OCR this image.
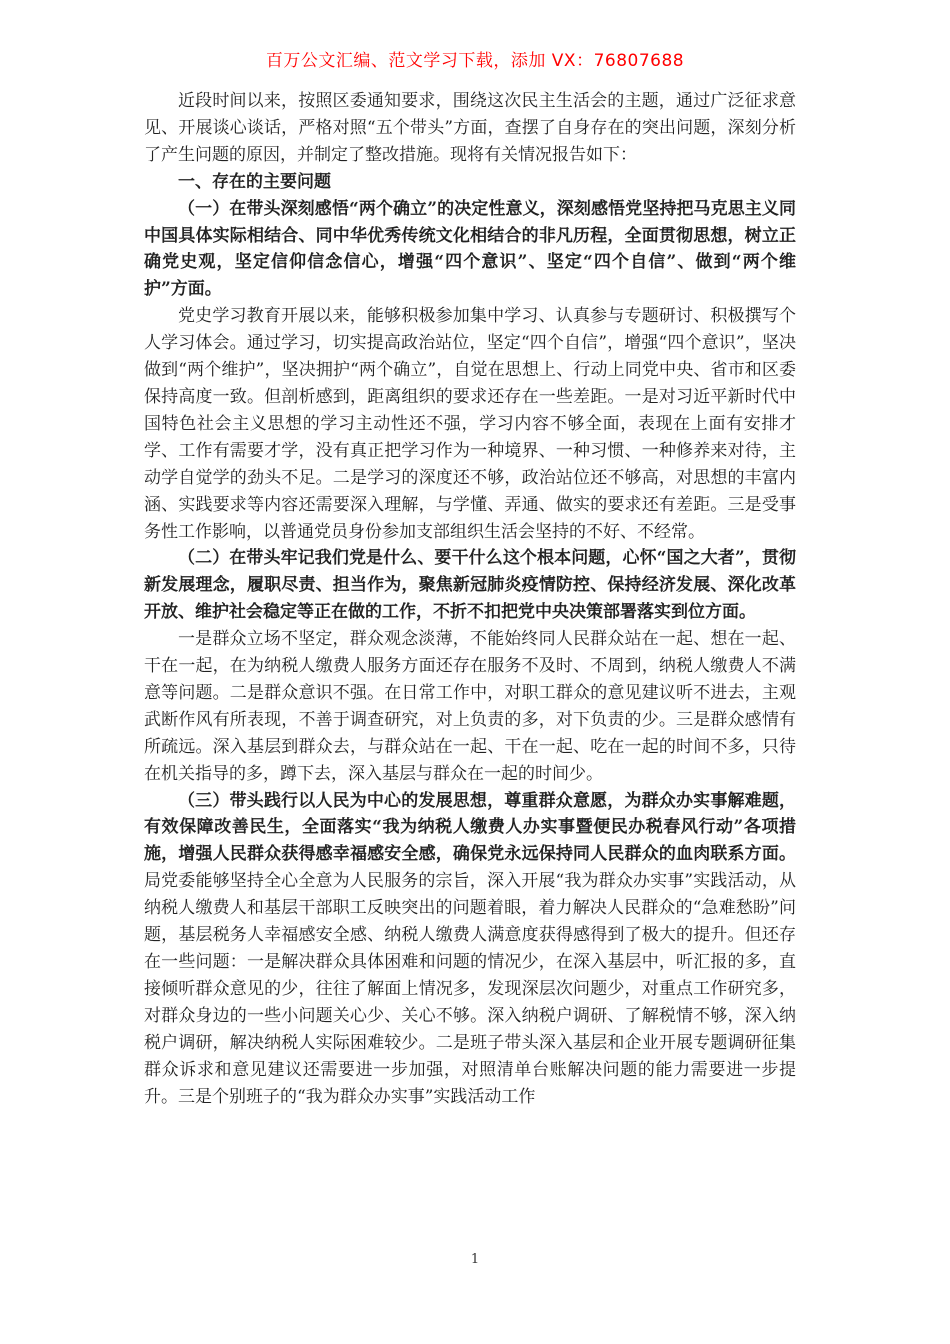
百万公文汇编、范文学习下载，添加 VX：76807688

近段时间以来，按照区委通知要求，围绕这次民主生活会的主题，通过广泛征求意见、开展谈心谈话，严格对照“五个带头”方面，查摆了自身存在的突出问题，深刻分析了产生问题的原因，并制定了整改措施。现将有关情况报告如下：

一、存在的主要问题

（一）在带头深刻感悟“两个确立”的决定性意义，深刻感悟党坚持把马克思主义同中国具体实际相结合、同中华优秀传统文化相结合的非凡历程，全面贯彻思想，树立正确党史观，坚定信仰信念信心，增强“四个意识”、坚定“四个自信”、做到“两个维护”方面。

党史学习教育开展以来，能够积极参加集中学习、认真参与专题研讨、积极撰写个人学习体会。通过学习，切实提高政治站位，坚定“四个自信”，增强“四个意识”，坚决做到“两个维护”，坚决拥护“两个确立”，自觉在思想上、行动上同党中央、省市和区委保持高度一致。但剖析感到，距离组织的要求还存在一些差距。一是对习近平新时代中国特色社会主义思想的学习主动性还不强，学习内容不够全面，表现在上面有安排才学、工作有需要才学，没有真正把学习作为一种境界、一种习惯、一种修养来对待，主动学自觉学的劲头不足。二是学习的深度还不够，政治站位还不够高，对思想的丰富内涵、实践要求等内容还需要深入理解，与学懂、弄通、做实的要求还有差距。三是受事务性工作影响，以普通党员身份参加支部组织生活会坚持的不好、不经常。

（二）在带头牢记我们党是什么、要干什么这个根本问题，心怀“国之大者”，贯彻新发展理念，履职尽责、担当作为，聚焦新冠肺炎疫情防控、保持经济发展、深化改革开放、维护社会稳定等正在做的工作，不折不扣把党中央决策部署落实到位方面。

一是群众立场不坚定，群众观念淡薄，不能始终同人民群众站在一起、想在一起、干在一起，在为纳税人缴费人服务方面还存在服务不及时、不周到，纳税人缴费人不满意等问题。二是群众意识不强。在日常工作中，对职工群众的意见建议听不进去，主观武断作风有所表现，不善于调查研究，对上负责的多，对下负责的少。三是群众感情有所疏远。深入基层到群众去，与群众站在一起、干在一起、吃在一起的时间不多，只待在机关指导的多，蹲下去，深入基层与群众在一起的时间少。

（三）带头践行以人民为中心的发展思想，尊重群众意愿，为群众办实事解难题，有效保障改善民生，全面落实“我为纳税人缴费人办实事暨便民办税春风行动”各项措施，增强人民群众获得感幸福感安全感，确保党永远保持同人民群众的血肉联系方面。局党委能够坚持全心全意为人民服务的宗旨，深入开展“我为群众办实事”实践活动，从纳税人缴费人和基层干部职工反映突出的问题着眼，着力解决人民群众的“急难愁盼”问题，基层税务人幸福感安全感、纳税人缴费人满意度获得感得到了极大的提升。但还存在一些问题：一是解决群众具体困难和问题的情况少，在深入基层中，听汇报的多，直接倾听群众意见的少，往往了解面上情况多，发现深层次问题少，对重点工作研究多，对群众身边的一些小问题关心少、关心不够。深入纳税户调研、了解税情不够，深入纳税户调研，解决纳税人实际困难较少。二是班子带头深入基层和企业开展专题调研征集群众诉求和意见建议还需要进一步加强，对照清单台账解决问题的能力需要进一步提升。三是个别班子的“我为群众办实事”实践活动工作

1
